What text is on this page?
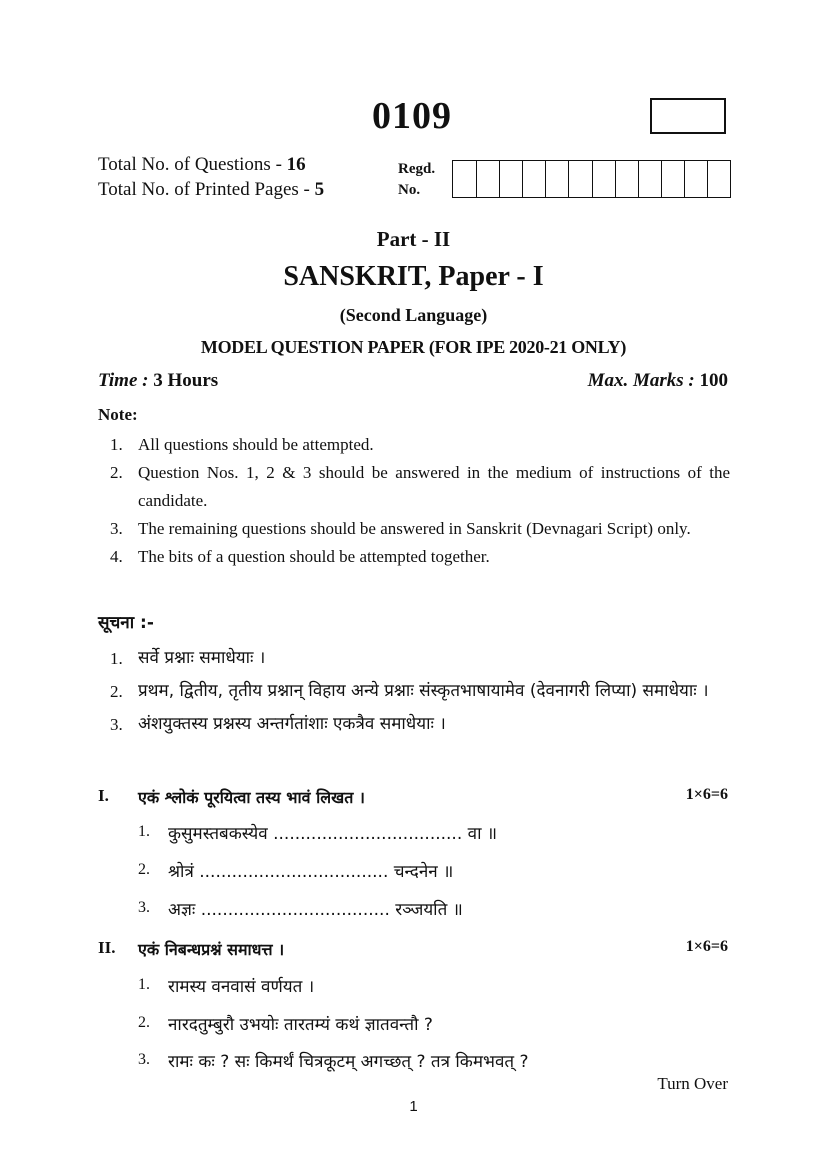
0109
Total No. of Questions - 16
Total No. of Printed Pages - 5
Regd.
No.
Part - II
SANSKRIT, Paper - I
(Second Language)
MODEL QUESTION PAPER (FOR IPE 2020-21 ONLY)
Time : 3 Hours	Max. Marks : 100
Note:
1. All questions should be attempted.
2. Question Nos. 1, 2 & 3 should be answered in the medium of instructions of the candidate.
3. The remaining questions should be answered in Sanskrit (Devnagari Script) only.
4. The bits of a question should be attempted together.
सूचना :-
1. सर्वे प्रश्नाः समाधेयाः ।
2. प्रथम, द्वितीय, तृतीय प्रश्नान् विहाय अन्ये प्रश्नाः संस्कृतभाषायामेव (देवनागरी लिप्या) समाधेयाः ।
3. अंशयुक्तस्य प्रश्नस्य अन्तर्गतांशाः एकत्रैव समाधेयाः ।
I.	एकं श्लोकं पूरयित्वा तस्य भावं लिखत ।	1×6=6
1.	कुसुमस्तबकस्येव ................................... वा ॥
2.	श्रोत्रं ................................... चन्दनेन ॥
3.	अज्ञः ................................... रञ्जयति ॥
II.	एकं निबन्धप्रश्नं समाधत्त ।	1×6=6
1.	रामस्य वनवासं वर्णयत ।
2.	नारदतुम्बुरौ उभयोः तारतम्यं कथं ज्ञातवन्तौ ?
3.	रामः कः ? सः किमर्थं चित्रकूटम् अगच्छत् ? तत्र किमभवत् ?
Turn Over
1
